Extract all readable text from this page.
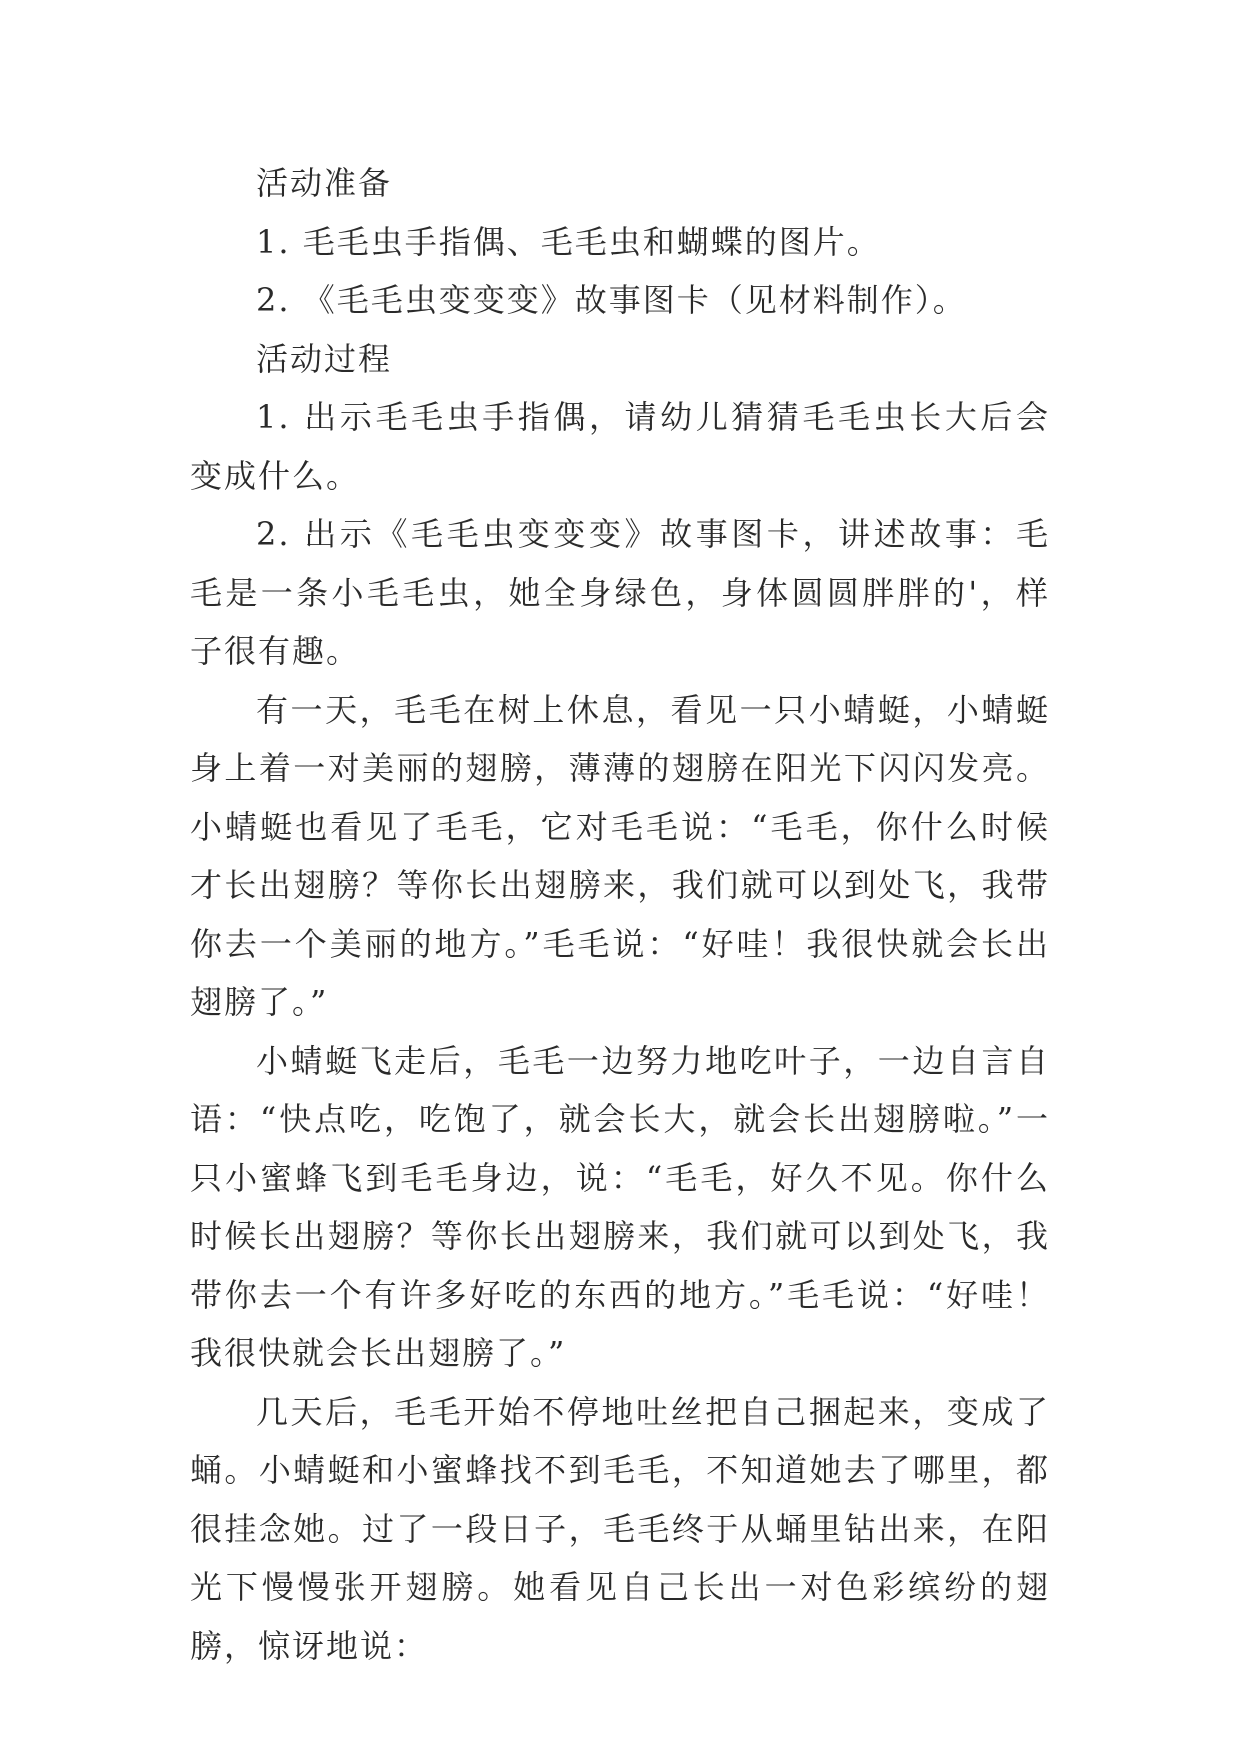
活动准备

1. 毛毛虫手指偶、毛毛虫和蝴蝶的图片。

2. 《毛毛虫变变变》故事图卡（见材料制作）。

活动过程

1. 出示毛毛虫手指偶，请幼儿猜猜毛毛虫长大后会变成什么。

2. 出示《毛毛虫变变变》故事图卡，讲述故事：毛毛是一条小毛毛虫，她全身绿色，身体圆圆胖胖的'，样子很有趣。

有一天，毛毛在树上休息，看见一只小蜻蜓，小蜻蜓身上着一对美丽的翅膀，薄薄的翅膀在阳光下闪闪发亮。小蜻蜓也看见了毛毛，它对毛毛说：“毛毛，你什么时候才长出翅膀？等你长出翅膀来，我们就可以到处飞，我带你去一个美丽的地方。”毛毛说：“好哇！我很快就会长出翅膀了。”

小蜻蜓飞走后，毛毛一边努力地吃叶子，一边自言自语：“快点吃，吃饱了，就会长大，就会长出翅膀啦。”一只小蜜蜂飞到毛毛身边，说：“毛毛，好久不见。你什么时候长出翅膀？等你长出翅膀来，我们就可以到处飞，我带你去一个有许多好吃的东西的地方。”毛毛说：“好哇！我很快就会长出翅膀了。”

几天后，毛毛开始不停地吐丝把自己捆起来，变成了蛹。小蜻蜓和小蜜蜂找不到毛毛，不知道她去了哪里，都很挂念她。过了一段日子，毛毛终于从蛹里钻出来，在阳光下慢慢张开翅膀。她看见自己长出一对色彩缤纷的翅膀，惊讶地说：
